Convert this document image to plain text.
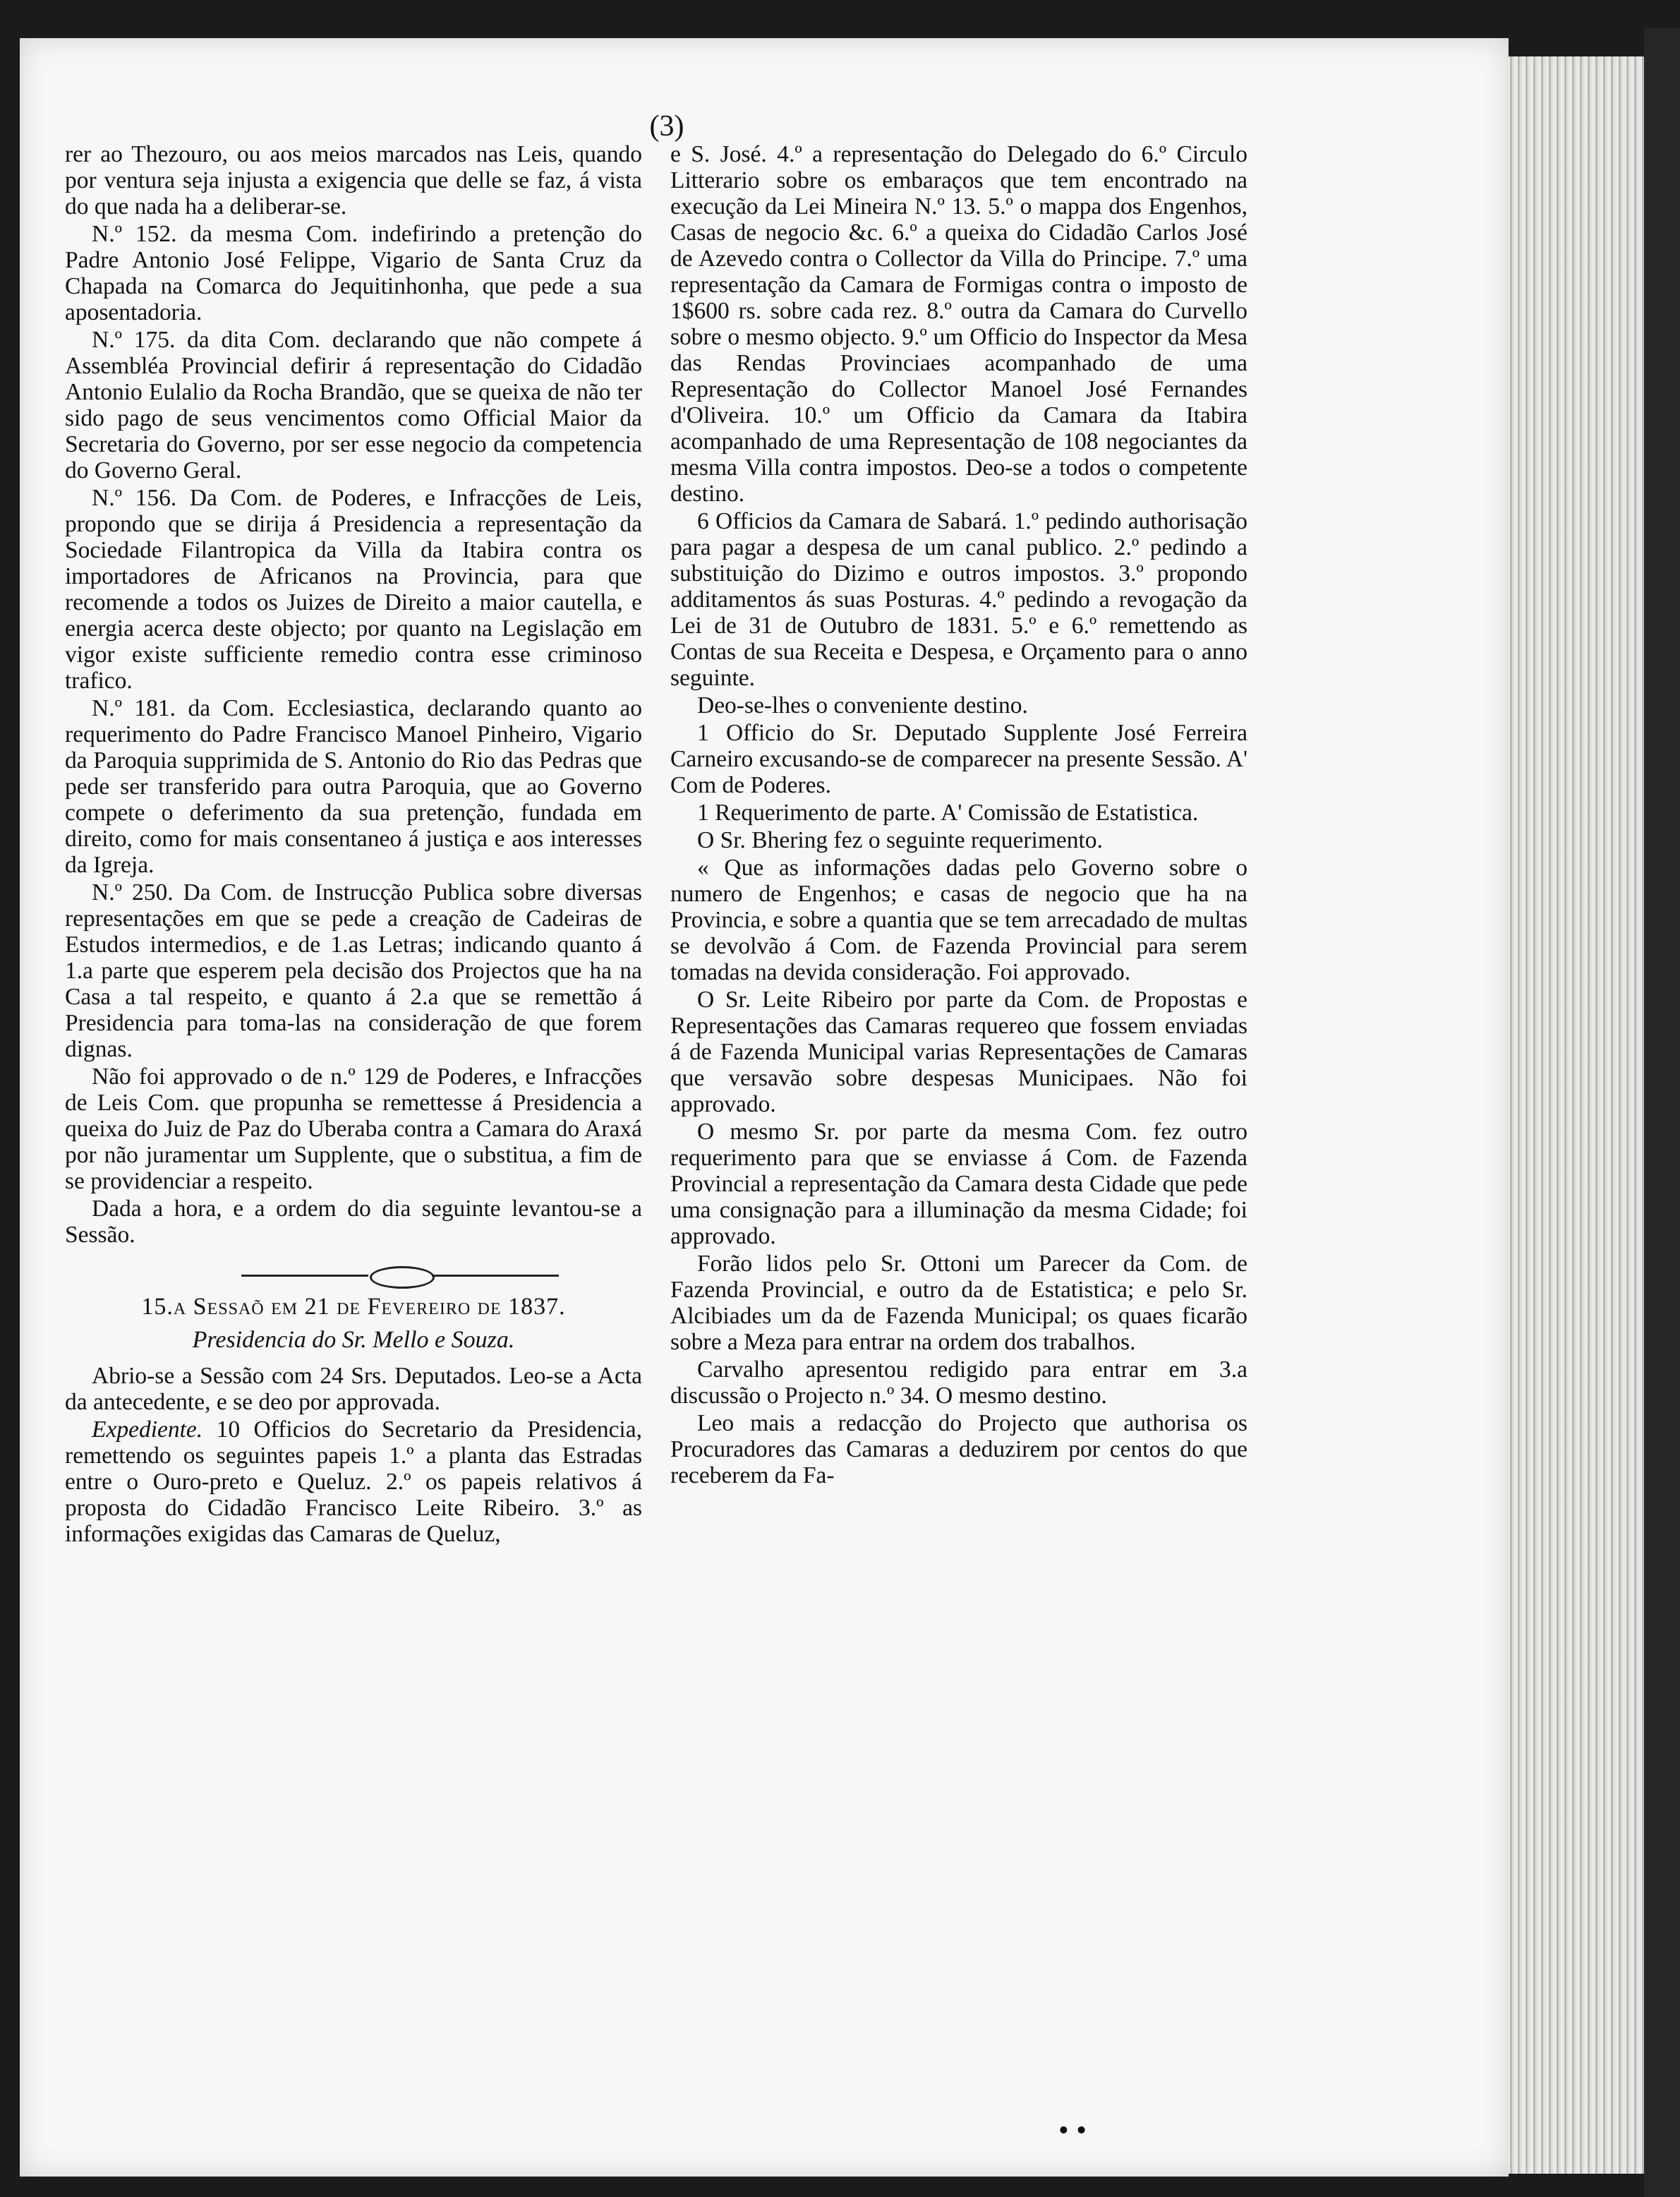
(3)

rer ao Thezouro, ou aos meios marcados nas Leis, quando por ventura seja injusta a exigencia que delle se faz, á vista do que nada ha a deliberar-se.

N.º 152. da mesma Com. indefirindo a pretenção do Padre Antonio José Felippe, Vigario de Santa Cruz da Chapada na Comarca do Jequitinhonha, que pede a sua aposentadoria.

N.º 175. da dita Com. declarando que não compete á Assembléa Provincial defirir á representação do Cidadão Antonio Eulalio da Rocha Brandão, que se queixa de não ter sido pago de seus vencimentos como Official Maior da Secretaria do Governo, por ser esse negocio da competencia do Governo Geral.

N.º 156. Da Com. de Poderes, e Infracções de Leis, propondo que se dirija á Presidencia a representação da Sociedade Filantropica da Villa da Itabira contra os importadores de Africanos na Provincia, para que recomende a todos os Juizes de Direito a maior cautella, e energia acerca deste objecto; por quanto na Legislação em vigor existe sufficiente remedio contra esse criminoso trafico.

N.º 181. da Com. Ecclesiastica, declarando quanto ao requerimento do Padre Francisco Manoel Pinheiro, Vigario da Paroquia supprimida de S. Antonio do Rio das Pedras que pede ser transferido para outra Paroquia, que ao Governo compete o deferimento da sua pretenção, fundada em direito, como for mais consentaneo á justiça e aos interesses da Igreja.

N.º 250. Da Com. de Instrucção Publica sobre diversas representações em que se pede a creação de Cadeiras de Estudos intermedios, e de 1.as Letras; indicando quanto á 1.a parte que esperem pela decisão dos Projectos que ha na Casa a tal respeito, e quanto á 2.a que se remettão á Presidencia para toma-las na consideração de que forem dignas.

Não foi approvado o de n.º 129 de Poderes, e Infracções de Leis Com. que propunha se remettesse á Presidencia a queixa do Juiz de Paz do Uberaba contra a Camara do Araxá por não juramentar um Supplente, que o substitua, a fim de se providenciar a respeito.

Dada a hora, e a ordem do dia seguinte levantou-se a Sessão.

15.a Sessaõ em 21 de Fevereiro de 1837.
Presidencia do Sr. Mello e Souza.

Abrio-se a Sessão com 24 Srs. Deputados. Leo-se a Acta da antecedente, e se deo por approvada.

Expediente. 10 Officios do Secretario da Presidencia, remettendo os seguintes papeis 1.º a planta das Estradas entre o Ouro-preto e Queluz. 2.º os papeis relativos á proposta do Cidadão Francisco Leite Ribeiro. 3.º as informações exigidas das Camaras de Queluz,

e S. José. 4.º a representação do Delegado do 6.º Circulo Litterario sobre os embaraços que tem encontrado na execução da Lei Mineira N.º 13. 5.º o mappa dos Engenhos, Casas de negocio &c. 6.º a queixa do Cidadão Carlos José de Azevedo contra o Collector da Villa do Principe. 7.º uma representação da Camara de Formigas contra o imposto de 1$600 rs. sobre cada rez. 8.º outra da Camara do Curvello sobre o mesmo objecto. 9.º um Officio do Inspector da Mesa das Rendas Provinciaes acompanhado de uma Representação do Collector Manoel José Fernandes d'Oliveira. 10.º um Officio da Camara da Itabira acompanhado de uma Representação de 108 negociantes da mesma Villa contra impostos. Deo-se a todos o competente destino.

6 Officios da Camara de Sabará. 1.º pedindo authorisação para pagar a despesa de um canal publico. 2.º pedindo a substituição do Dizimo e outros impostos. 3.º propondo additamentos ás suas Posturas. 4.º pedindo a revogação da Lei de 31 de Outubro de 1831. 5.º e 6.º remettendo as Contas de sua Receita e Despesa, e Orçamento para o anno seguinte.

Deo-se-lhes o conveniente destino.

1 Officio do Sr. Deputado Supplente José Ferreira Carneiro excusando-se de comparecer na presente Sessão. A' Com de Poderes.

1 Requerimento de parte. A' Comissão de Estatistica.

O Sr. Bhering fez o seguinte requerimento.

« Que as informações dadas pelo Governo sobre o numero de Engenhos; e casas de negocio que ha na Provincia, e sobre a quantia que se tem arrecadado de multas se devolvão á Com. de Fazenda Provincial para serem tomadas na devida consideração. Foi approvado.

O Sr. Leite Ribeiro por parte da Com. de Propostas e Representações das Camaras requereo que fossem enviadas á de Fazenda Municipal varias Representações de Camaras que versavão sobre despesas Municipaes. Não foi approvado.

O mesmo Sr. por parte da mesma Com. fez outro requerimento para que se enviasse á Com. de Fazenda Provincial a representação da Camara desta Cidade que pede uma consignação para a illuminação da mesma Cidade; foi approvado.

Forão lidos pelo Sr. Ottoni um Parecer da Com. de Fazenda Provincial, e outro da de Estatistica; e pelo Sr. Alcibiades um da de Fazenda Municipal; os quaes ficarão sobre a Meza para entrar na ordem dos trabalhos.

Carvalho apresentou redigido para entrar em 3.a discussão o Projecto n.º 34. O mesmo destino.

Leo mais a redacção do Projecto que authorisa os Procuradores das Camaras a deduzirem por centos do que receberem da Fa-

• •
